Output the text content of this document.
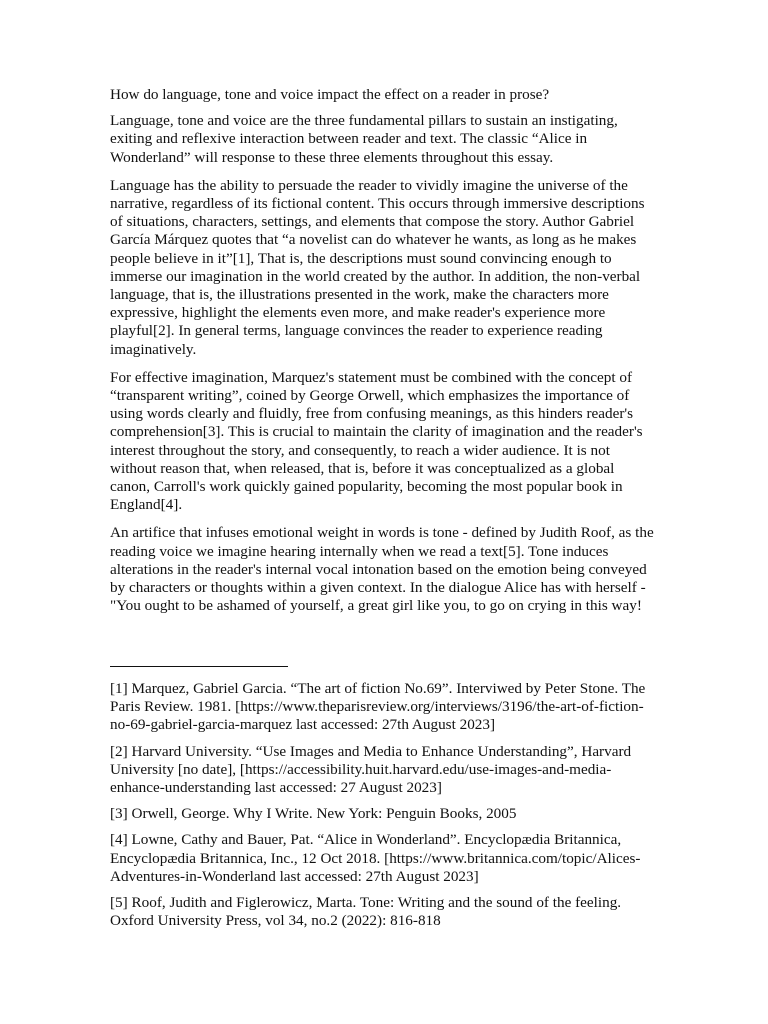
How do language, tone and voice impact the effect on a reader in prose?

Language, tone and voice are the three fundamental pillars to sustain an instigating, exiting and reflexive interaction between reader and text. The classic “Alice in Wonderland” will response to these three elements throughout this essay.

Language has the ability to persuade the reader to vividly imagine the universe of the narrative, regardless of its fictional content. This occurs through immersive descriptions of situations, characters, settings, and elements that compose the story. Author Gabriel García Márquez quotes that “a novelist can do whatever he wants, as long as he makes people believe in it”[1], That is, the descriptions must sound convincing enough to immerse our imagination in the world created by the author. In addition, the non-verbal language, that is, the illustrations presented in the work, make the characters more expressive, highlight the elements even more, and make reader's experience more playful[2]. In general terms, language convinces the reader to experience reading imaginatively.

For effective imagination, Marquez's statement must be combined with the concept of “transparent writing”, coined by George Orwell, which emphasizes the importance of using words clearly and fluidly, free from confusing meanings, as this hinders reader's comprehension[3]. This is crucial to maintain the clarity of imagination and the reader's interest throughout the story, and consequently, to reach a wider audience. It is not without reason that, when released, that is, before it was conceptualized as a global canon, Carroll's work quickly gained popularity, becoming the most popular book in England[4].

An artifice that infuses emotional weight in words is tone - defined by Judith Roof, as the reading voice we imagine hearing internally when we read a text[5]. Tone induces alterations in the reader's internal vocal intonation based on the emotion being conveyed by characters or thoughts within a given context. In the dialogue Alice has with herself - "You ought to be ashamed of yourself, a great girl like you, to go on crying in this way!

[1] Marquez, Gabriel Garcia. “The art of fiction No.69”. Interviwed by Peter Stone. The Paris Review. 1981. [https://www.theparisreview.org/interviews/3196/the-art-of-fiction-no-69-gabriel-garcia-marquez last accessed: 27th August 2023]

[2] Harvard University. “Use Images and Media to Enhance Understanding”, Harvard University [no date], [https://accessibility.huit.harvard.edu/use-images-and-media-enhance-understanding last accessed: 27 August 2023]

[3] Orwell, George. Why I Write. New York: Penguin Books, 2005

[4] Lowne, Cathy and Bauer, Pat. “Alice in Wonderland”. Encyclopædia Britannica, Encyclopædia Britannica, Inc., 12 Oct 2018. [https://www.britannica.com/topic/Alices-Adventures-in-Wonderland last accessed: 27th August 2023]

[5] Roof, Judith and Figlerowicz, Marta. Tone: Writing and the sound of the feeling. Oxford University Press, vol 34, no.2 (2022): 816-818
